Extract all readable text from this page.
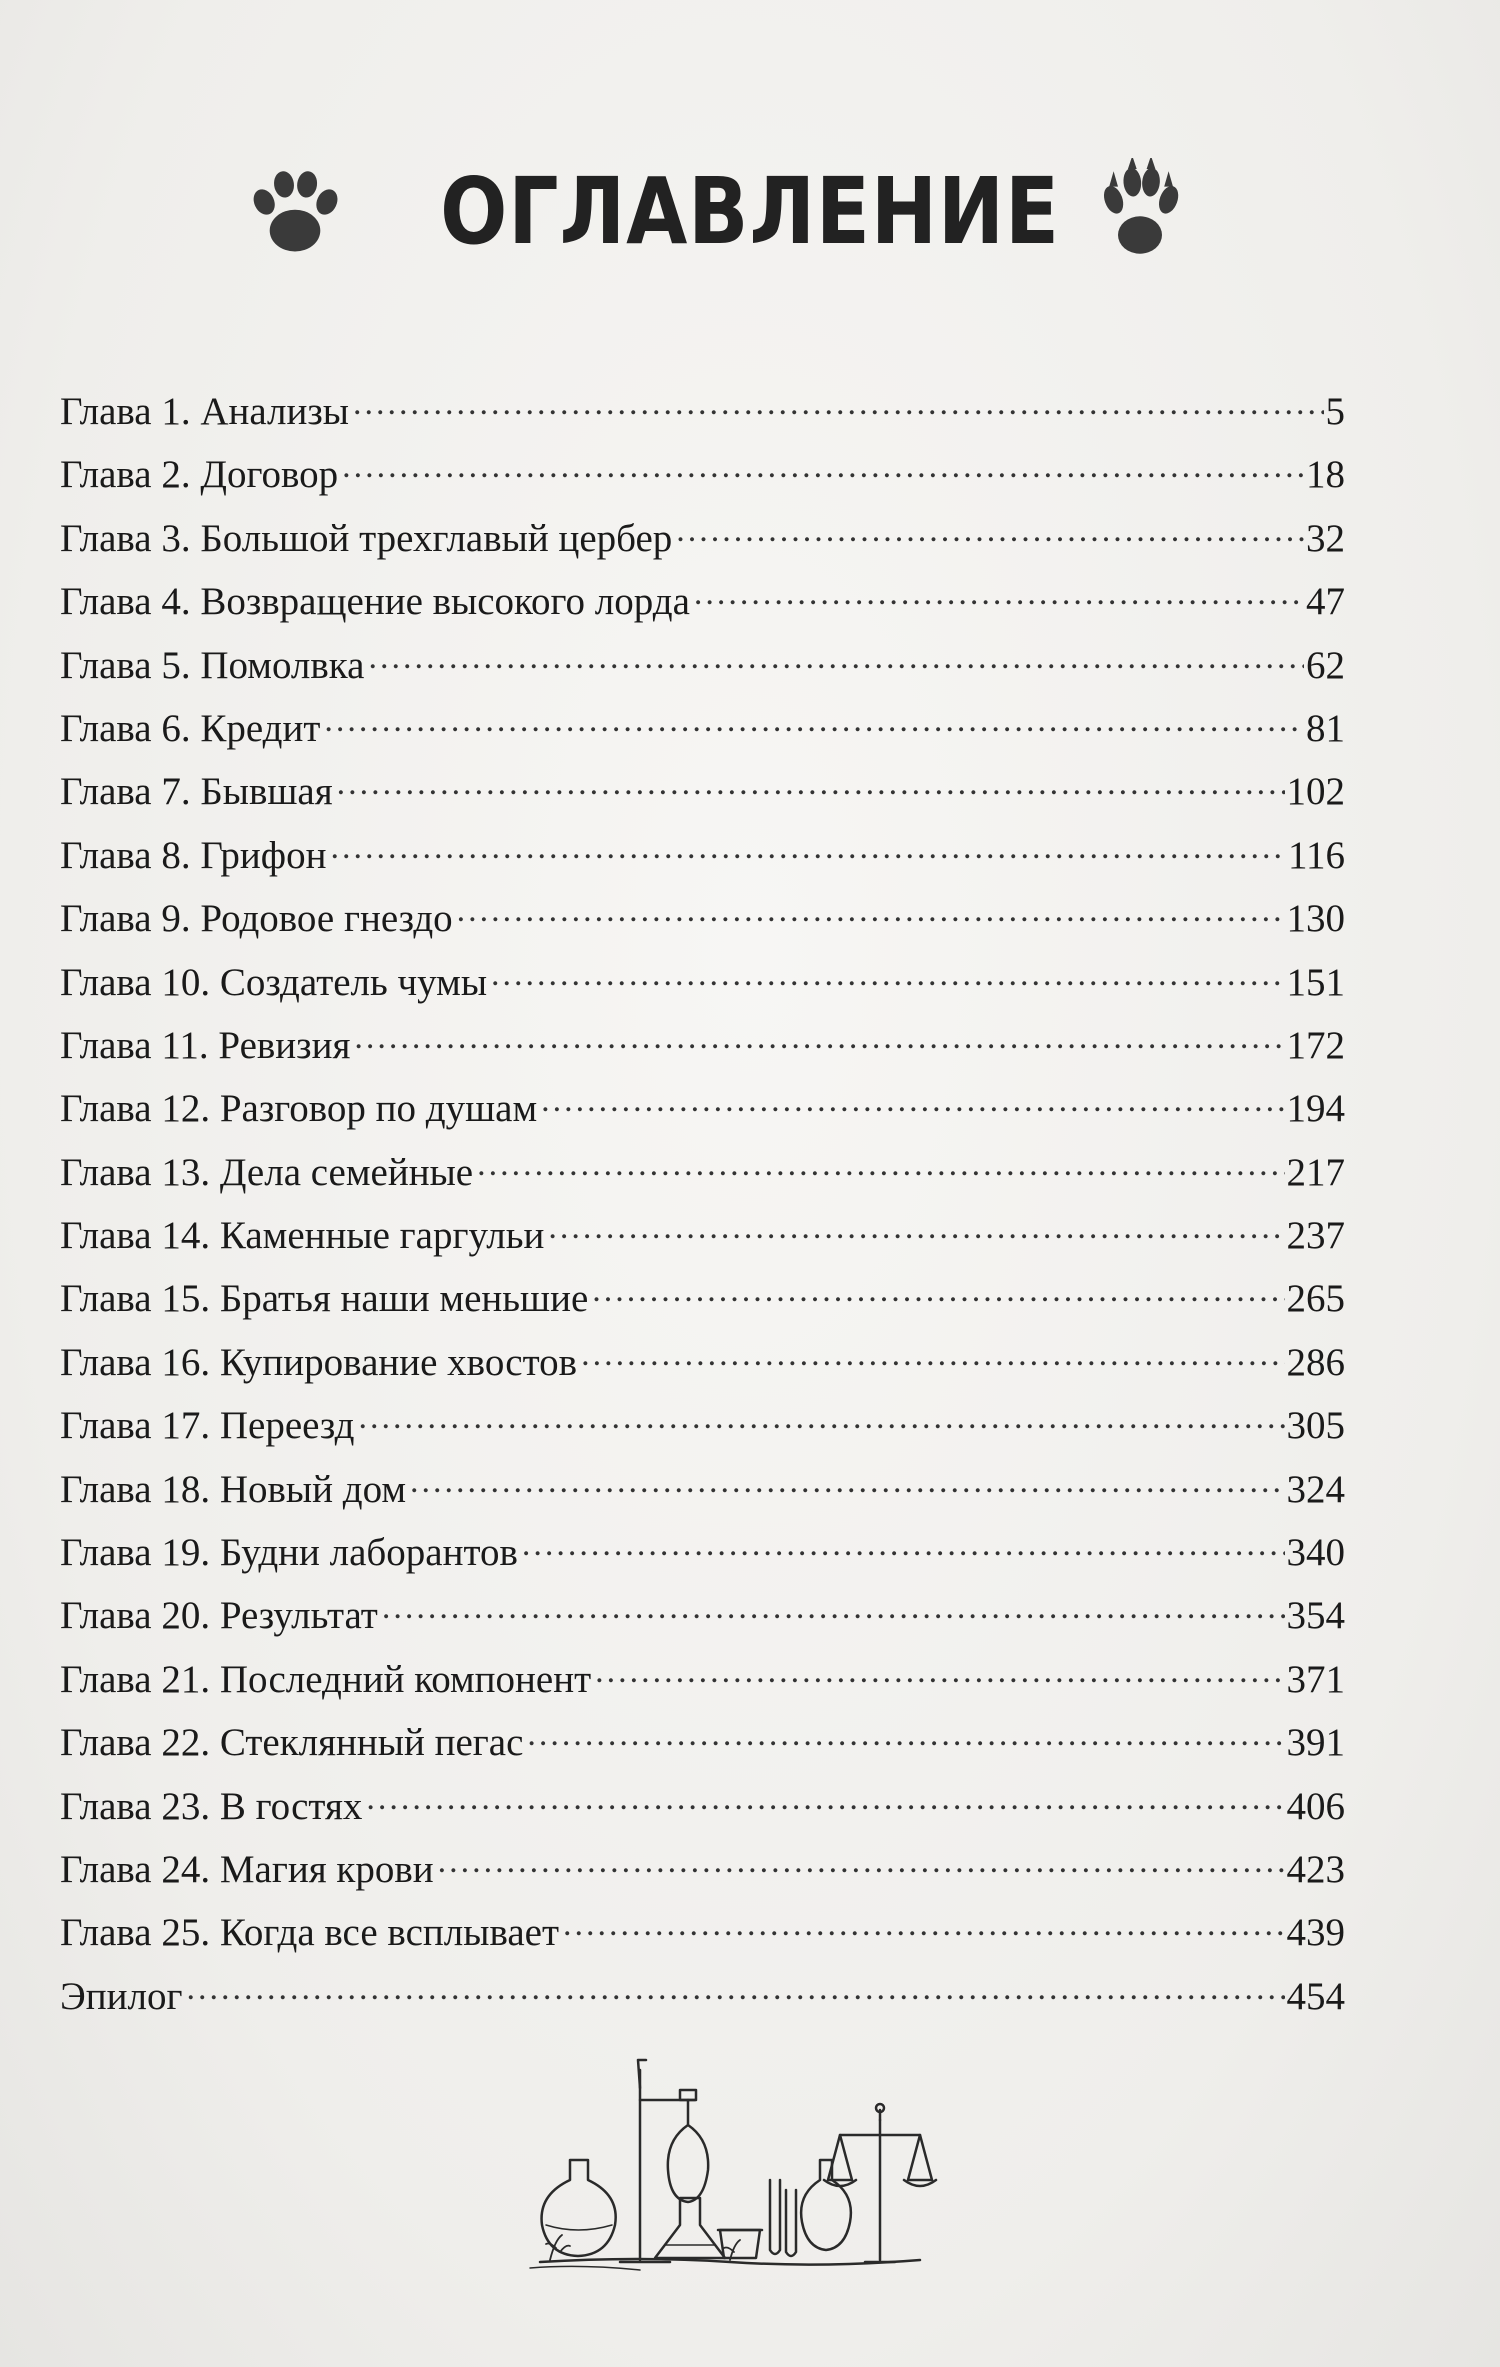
ОГЛАВЛЕНИЕ
Глава 1. Анализы .....	5
Глава 2. Договор .....	18
Глава 3. Большой трехглавый цербер .....	32
Глава 4. Возвращение высокого лорда .....	47
Глава 5. Помолвка .....	62
Глава 6. Кредит .....	81
Глава 7. Бывшая .....	102
Глава 8. Грифон .....	116
Глава 9. Родовое гнездо .....	130
Глава 10. Создатель чумы .....	151
Глава 11. Ревизия .....	172
Глава 12. Разговор по душам .....	194
Глава 13. Дела семейные .....	217
Глава 14. Каменные гаргульи .....	237
Глава 15. Братья наши меньшие .....	265
Глава 16. Купирование хвостов .....	286
Глава 17. Переезд .....	305
Глава 18. Новый дом .....	324
Глава 19. Будни лаборантов .....	340
Глава 20. Результат .....	354
Глава 21. Последний компонент .....	371
Глава 22. Стеклянный пегас .....	391
Глава 23. В гостях .....	406
Глава 24. Магия крови .....	423
Глава 25. Когда все всплывает .....	439
Эпилог .....	454
